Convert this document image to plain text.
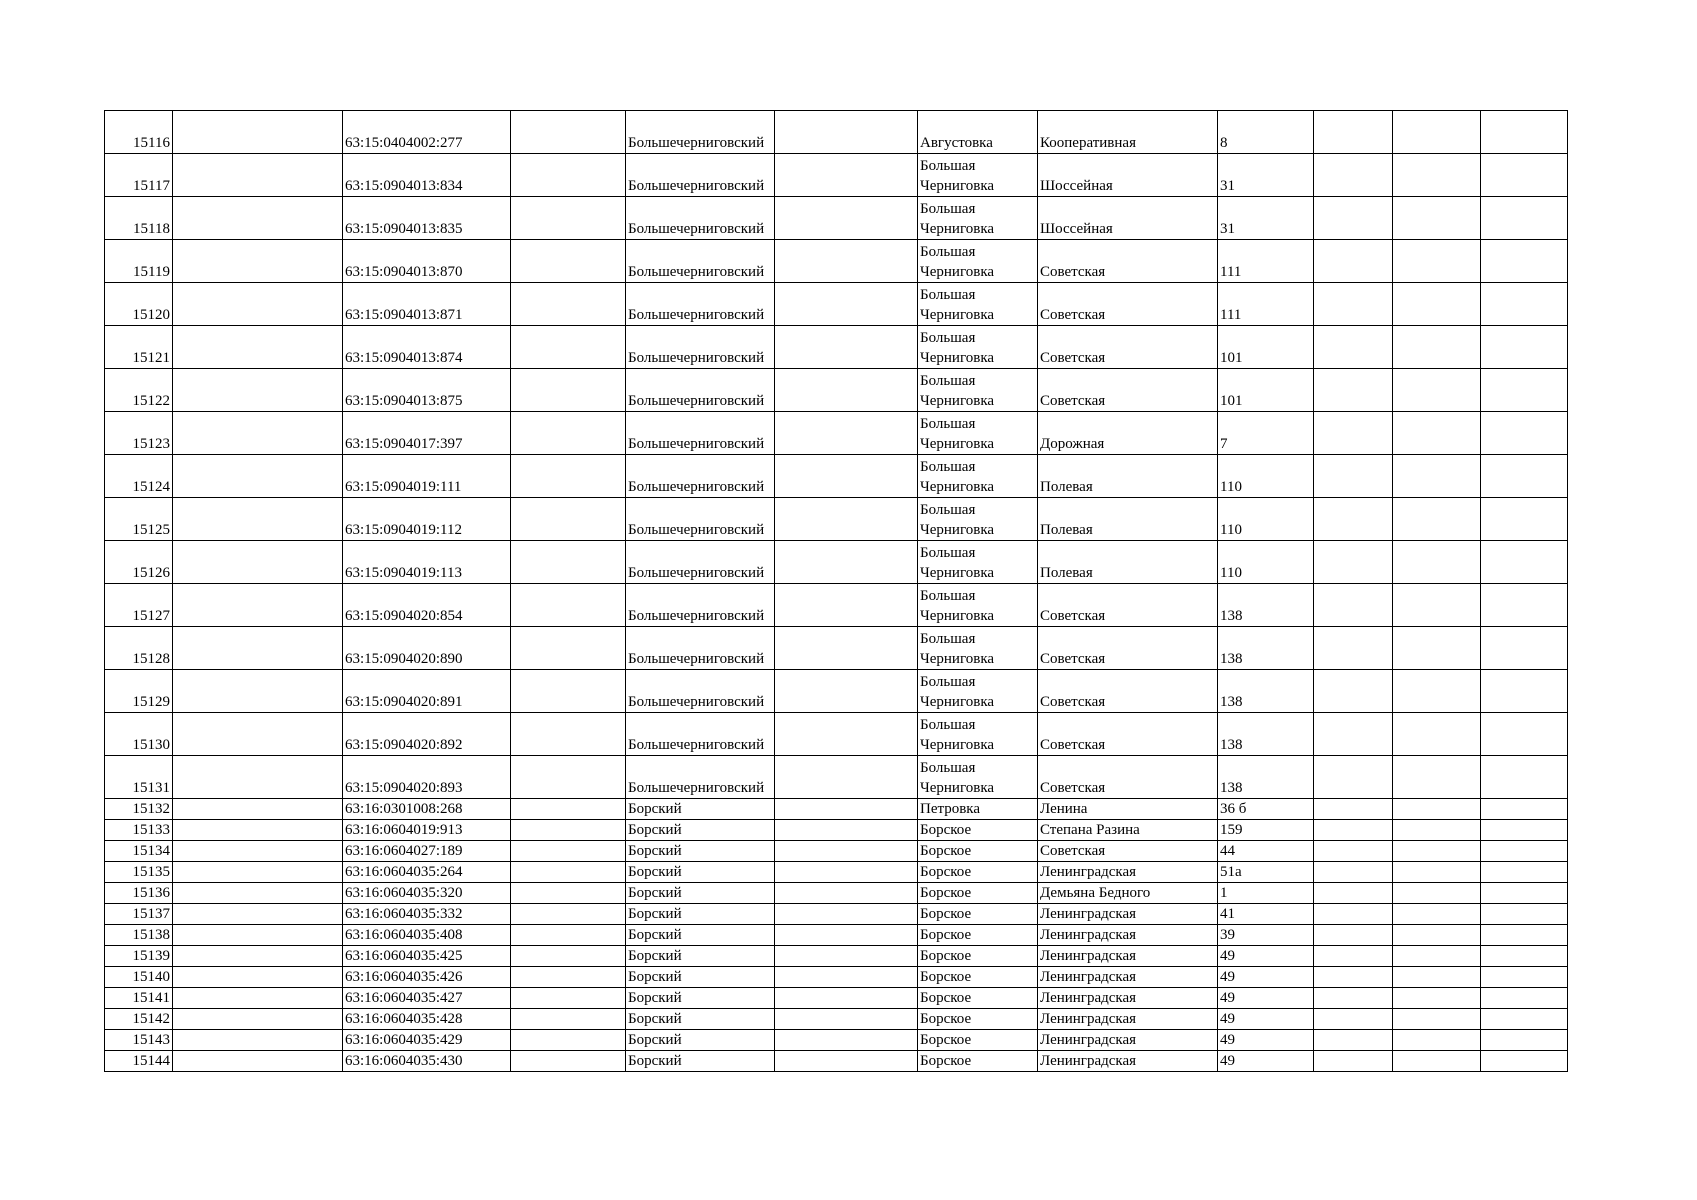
15116		63:15:0404002:277		Большечерниговский		Августовка	Кооперативная	8			

15117		63:15:0904013:834		Большечерниговский		Большая Черниговка	Шоссейная	31			

15118		63:15:0904013:835		Большечерниговский		Большая Черниговка	Шоссейная	31			

15119		63:15:0904013:870		Большечерниговский		Большая Черниговка	Советская	111			

15120		63:15:0904013:871		Большечерниговский		Большая Черниговка	Советская	111			

15121		63:15:0904013:874		Большечерниговский		Большая Черниговка	Советская	101			

15122		63:15:0904013:875		Большечерниговский		Большая Черниговка	Советская	101			

15123		63:15:0904017:397		Большечерниговский		Большая Черниговка	Дорожная	7			

15124		63:15:0904019:111		Большечерниговский		Большая Черниговка	Полевая	110			

15125		63:15:0904019:112		Большечерниговский		Большая Черниговка	Полевая	110			

15126		63:15:0904019:113		Большечерниговский		Большая Черниговка	Полевая	110			

15127		63:15:0904020:854		Большечерниговский		Большая Черниговка	Советская	138			

15128		63:15:0904020:890		Большечерниговский		Большая Черниговка	Советская	138			

15129		63:15:0904020:891		Большечерниговский		Большая Черниговка	Советская	138			

15130		63:15:0904020:892		Большечерниговский		Большая Черниговка	Советская	138			

15131		63:15:0904020:893		Большечерниговский		Большая Черниговка	Советская	138			

15132		63:16:0301008:268		Борский		Петровка	Ленина	36 б			

15133		63:16:0604019:913		Борский		Борское	Степана Разина	159			

15134		63:16:0604027:189		Борский		Борское	Советская	44			

15135		63:16:0604035:264		Борский		Борское	Ленинградская	51а			

15136		63:16:0604035:320		Борский		Борское	Демьяна Бедного	1			

15137		63:16:0604035:332		Борский		Борское	Ленинградская	41			

15138		63:16:0604035:408		Борский		Борское	Ленинградская	39			

15139		63:16:0604035:425		Борский		Борское	Ленинградская	49			

15140		63:16:0604035:426		Борский		Борское	Ленинградская	49			

15141		63:16:0604035:427		Борский		Борское	Ленинградская	49			

15142		63:16:0604035:428		Борский		Борское	Ленинградская	49			

15143		63:16:0604035:429		Борский		Борское	Ленинградская	49			

15144		63:16:0604035:430		Борский		Борское	Ленинградская	49			
